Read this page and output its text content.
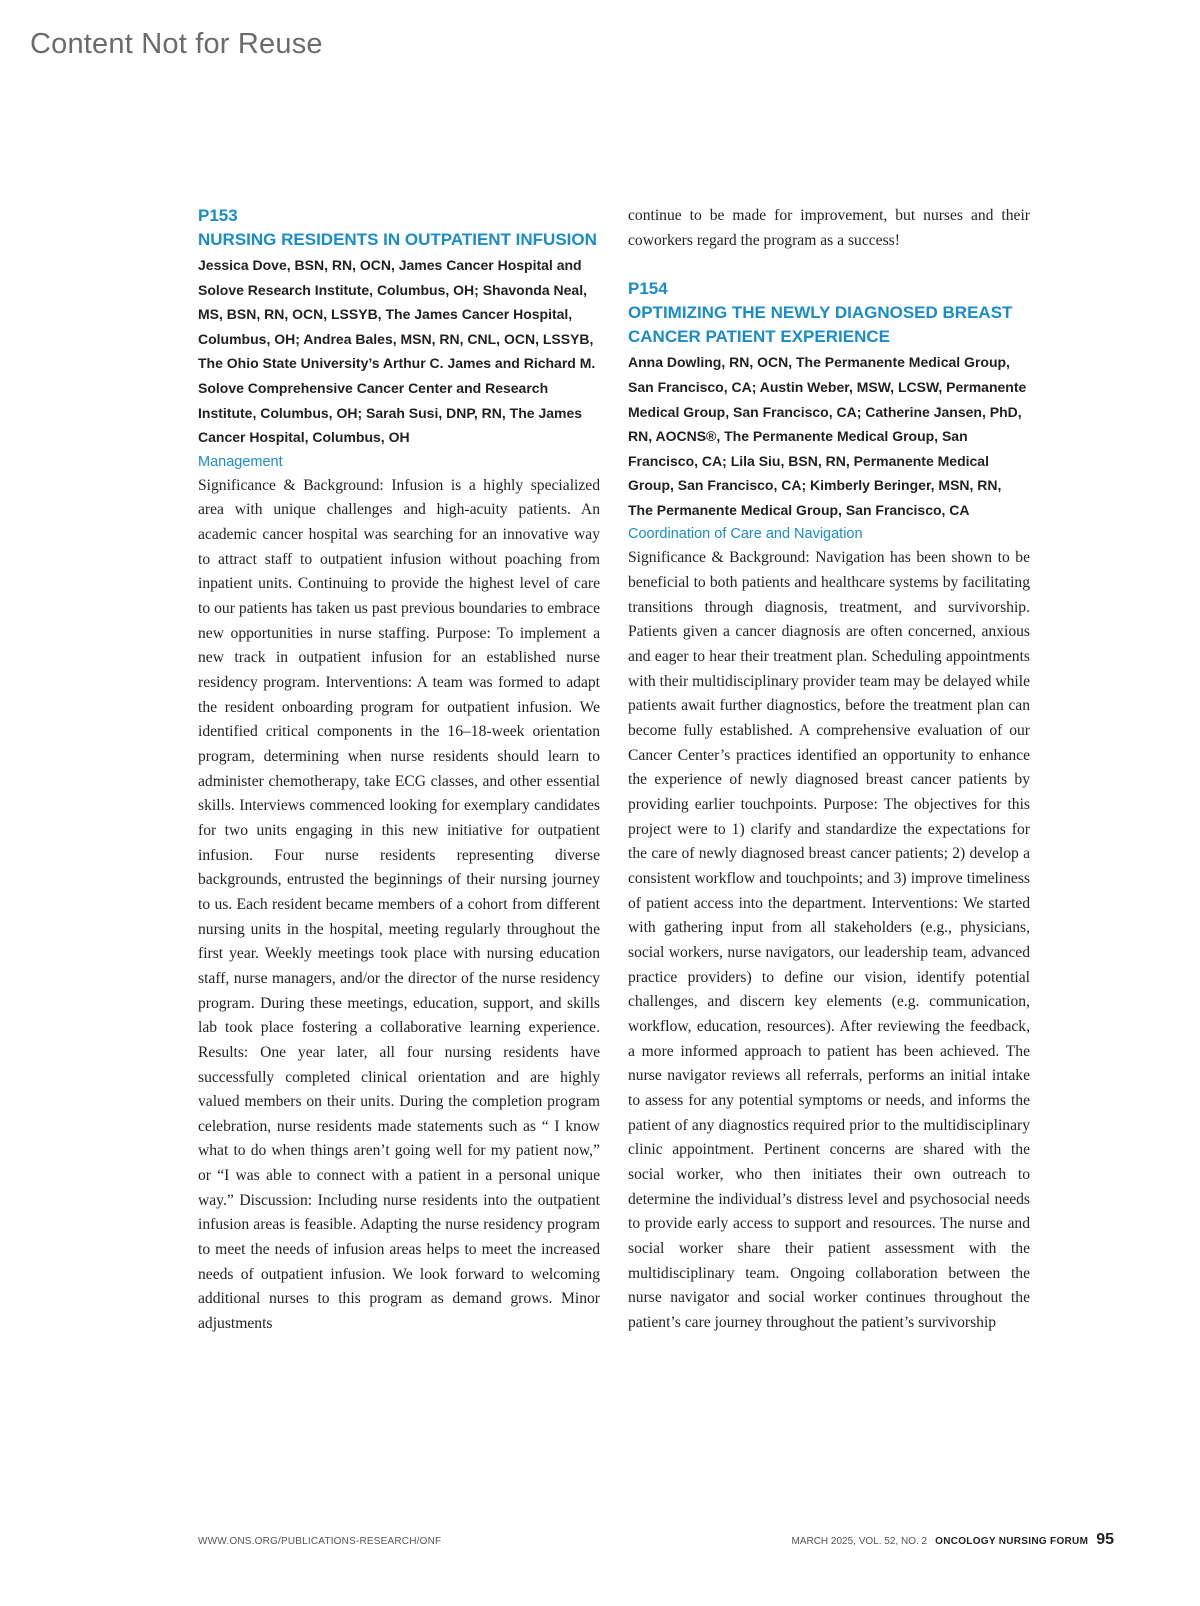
Content Not for Reuse

P153

NURSING RESIDENTS IN OUTPATIENT INFUSION

Jessica Dove, BSN, RN, OCN, James Cancer Hospital and Solove Research Institute, Columbus, OH; Shavonda Neal, MS, BSN, RN, OCN, LSSYB, The James Cancer Hospital, Columbus, OH; Andrea Bales, MSN, RN, CNL, OCN, LSSYB, The Ohio State University’s Arthur C. James and Richard M. Solove Comprehensive Cancer Center and Research Institute, Columbus, OH; Sarah Susi, DNP, RN, The James Cancer Hospital, Columbus, OH

Management

Significance & Background: Infusion is a highly specialized area with unique challenges and high-acuity patients. An academic cancer hospital was searching for an innovative way to attract staff to outpatient infusion without poaching from inpatient units. Continuing to provide the highest level of care to our patients has taken us past previous boundaries to embrace new opportunities in nurse staffing. Purpose: To implement a new track in outpatient infusion for an established nurse residency program. Interventions: A team was formed to adapt the resident onboarding program for outpatient infusion. We identified critical components in the 16–18-week orientation program, determining when nurse residents should learn to administer chemotherapy, take ECG classes, and other essential skills. Interviews commenced looking for exemplary candidates for two units engaging in this new initiative for outpatient infusion. Four nurse residents representing diverse backgrounds, entrusted the beginnings of their nursing journey to us. Each resident became members of a cohort from different nursing units in the hospital, meeting regularly throughout the first year. Weekly meetings took place with nursing education staff, nurse managers, and/or the director of the nurse residency program. During these meetings, education, support, and skills lab took place fostering a collaborative learning experience. Results: One year later, all four nursing residents have successfully completed clinical orientation and are highly valued members on their units. During the completion program celebration, nurse residents made statements such as “ I know what to do when things aren’t going well for my patient now,” or “I was able to connect with a patient in a personal unique way.” Discussion: Including nurse residents into the outpatient infusion areas is feasible. Adapting the nurse residency program to meet the needs of infusion areas helps to meet the increased needs of outpatient infusion. We look forward to welcoming additional nurses to this program as demand grows. Minor adjustments

continue to be made for improvement, but nurses and their coworkers regard the program as a success!

P154

OPTIMIZING THE NEWLY DIAGNOSED BREAST CANCER PATIENT EXPERIENCE

Anna Dowling, RN, OCN, The Permanente Medical Group, San Francisco, CA; Austin Weber, MSW, LCSW, Permanente Medical Group, San Francisco, CA; Catherine Jansen, PhD, RN, AOCNS®, The Permanente Medical Group, San Francisco, CA; Lila Siu, BSN, RN, Permanente Medical Group, San Francisco, CA; Kimberly Beringer, MSN, RN, The Permanente Medical Group, San Francisco, CA

Coordination of Care and Navigation

Significance & Background: Navigation has been shown to be beneficial to both patients and healthcare systems by facilitating transitions through diagnosis, treatment, and survivorship. Patients given a cancer diagnosis are often concerned, anxious and eager to hear their treatment plan. Scheduling appointments with their multidisciplinary provider team may be delayed while patients await further diagnostics, before the treatment plan can become fully established. A comprehensive evaluation of our Cancer Center’s practices identified an opportunity to enhance the experience of newly diagnosed breast cancer patients by providing earlier touchpoints. Purpose: The objectives for this project were to 1) clarify and standardize the expectations for the care of newly diagnosed breast cancer patients; 2) develop a consistent workflow and touchpoints; and 3) improve timeliness of patient access into the department. Interventions: We started with gathering input from all stakeholders (e.g., physicians, social workers, nurse navigators, our leadership team, advanced practice providers) to define our vision, identify potential challenges, and discern key elements (e.g. communication, workflow, education, resources). After reviewing the feedback, a more informed approach to patient has been achieved. The nurse navigator reviews all referrals, performs an initial intake to assess for any potential symptoms or needs, and informs the patient of any diagnostics required prior to the multidisciplinary clinic appointment. Pertinent concerns are shared with the social worker, who then initiates their own outreach to determine the individual’s distress level and psychosocial needs to provide early access to support and resources. The nurse and social worker share their patient assessment with the multidisciplinary team. Ongoing collaboration between the nurse navigator and social worker continues throughout the patient’s care journey throughout the patient’s survivorship

WWW.ONS.ORG/PUBLICATIONS-RESEARCH/ONF	MARCH 2025, VOL. 52, NO. 2 ONCOLOGY NURSING FORUM 95
